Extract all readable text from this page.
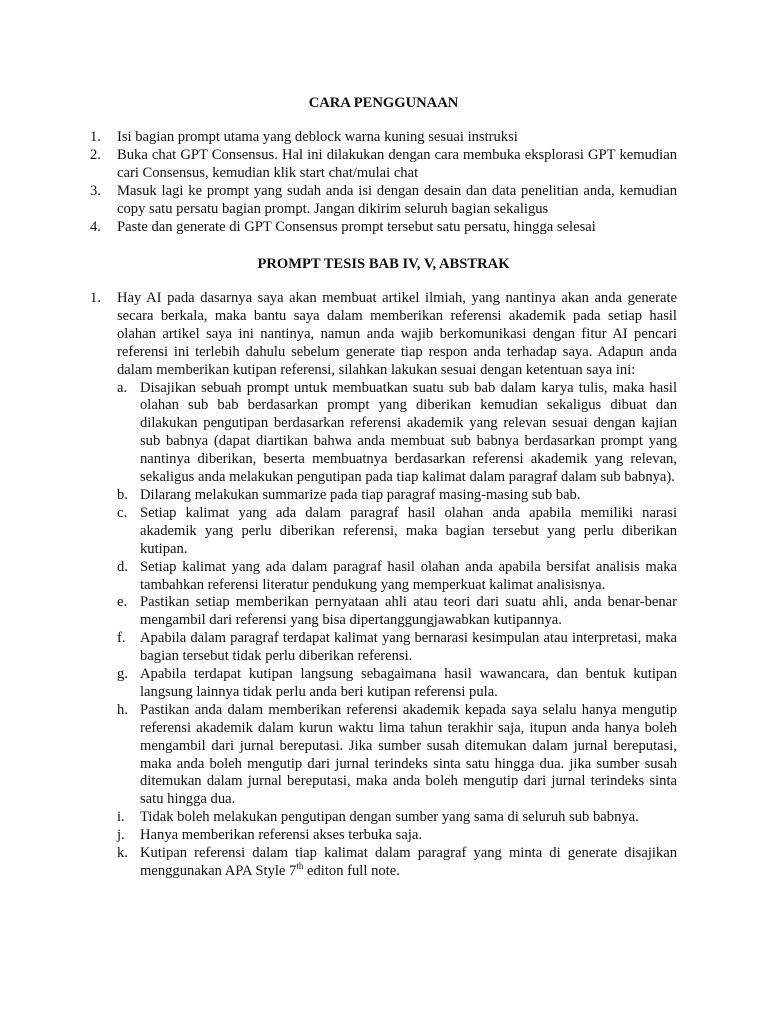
CARA PENGGUNAAN
1. Isi bagian prompt utama yang deblock warna kuning sesuai instruksi
2. Buka chat GPT Consensus. Hal ini dilakukan dengan cara membuka eksplorasi GPT kemudian cari Consensus, kemudian klik start chat/mulai chat
3. Masuk lagi ke prompt yang sudah anda isi dengan desain dan data penelitian anda, kemudian copy satu persatu bagian prompt. Jangan dikirim seluruh bagian sekaligus
4. Paste dan generate di GPT Consensus prompt tersebut satu persatu, hingga selesai
PROMPT TESIS BAB IV, V, ABSTRAK
1. Hay AI pada dasarnya saya akan membuat artikel ilmiah, yang nantinya akan anda generate secara berkala, maka bantu saya dalam memberikan referensi akademik pada setiap hasil olahan artikel saya ini nantinya, namun anda wajib berkomunikasi dengan fitur AI pencari referensi ini terlebih dahulu sebelum generate tiap respon anda terhadap saya. Adapun anda dalam memberikan kutipan referensi, silahkan lakukan sesuai dengan ketentuan saya ini:
a. Disajikan sebuah prompt untuk membuatkan suatu sub bab dalam karya tulis, maka hasil olahan sub bab berdasarkan prompt yang diberikan kemudian sekaligus dibuat dan dilakukan pengutipan berdasarkan referensi akademik yang relevan sesuai dengan kajian sub babnya (dapat diartikan bahwa anda membuat sub babnya berdasarkan prompt yang nantinya diberikan, beserta membuatnya berdasarkan referensi akademik yang relevan, sekaligus anda melakukan pengutipan pada tiap kalimat dalam paragraf dalam sub babnya).
b. Dilarang melakukan summarize pada tiap paragraf masing-masing sub bab.
c. Setiap kalimat yang ada dalam paragraf hasil olahan anda apabila memiliki narasi akademik yang perlu diberikan referensi, maka bagian tersebut yang perlu diberikan kutipan.
d. Setiap kalimat yang ada dalam paragraf hasil olahan anda apabila bersifat analisis maka tambahkan referensi literatur pendukung yang memperkuat kalimat analisisnya.
e. Pastikan setiap memberikan pernyataan ahli atau teori dari suatu ahli, anda benar-benar mengambil dari referensi yang bisa dipertanggungjawabkan kutipannya.
f. Apabila dalam paragraf terdapat kalimat yang bernarasi kesimpulan atau interpretasi, maka bagian tersebut tidak perlu diberikan referensi.
g. Apabila terdapat kutipan langsung sebagaimana hasil wawancara, dan bentuk kutipan langsung lainnya tidak perlu anda beri kutipan referensi pula.
h. Pastikan anda dalam memberikan referensi akademik kepada saya selalu hanya mengutip referensi akademik dalam kurun waktu lima tahun terakhir saja, itupun anda hanya boleh mengambil dari jurnal bereputasi. Jika sumber susah ditemukan dalam jurnal bereputasi, maka anda boleh mengutip dari jurnal terindeks sinta satu hingga dua. jika sumber susah ditemukan dalam jurnal bereputasi, maka anda boleh mengutip dari jurnal terindeks sinta satu hingga dua.
i. Tidak boleh melakukan pengutipan dengan sumber yang sama di seluruh sub babnya.
j. Hanya memberikan referensi akses terbuka saja.
k. Kutipan referensi dalam tiap kalimat dalam paragraf yang minta di generate disajikan menggunakan APA Style 7th editon full note.
